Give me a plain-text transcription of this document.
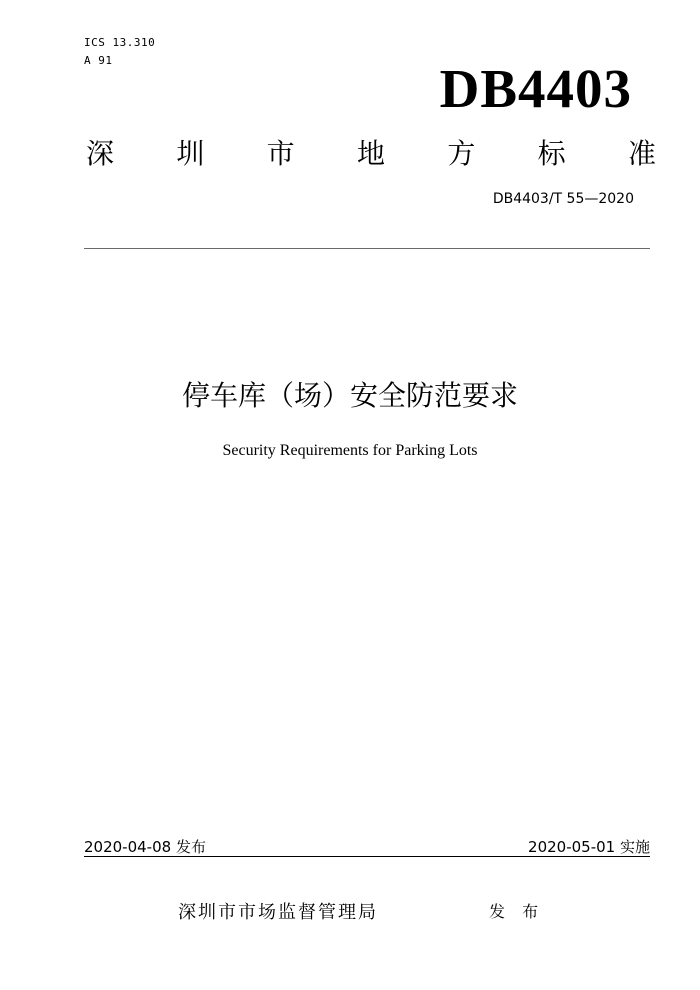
ICS 13.310
A 91	DB4403
深 圳 市 地 方 标 准
DB4403/T 55—2020
停车库（场）安全防范要求
Security Requirements for Parking Lots
2020-04-08 发布	2020-05-01 实施
深圳市市场监督管理局	发 布
